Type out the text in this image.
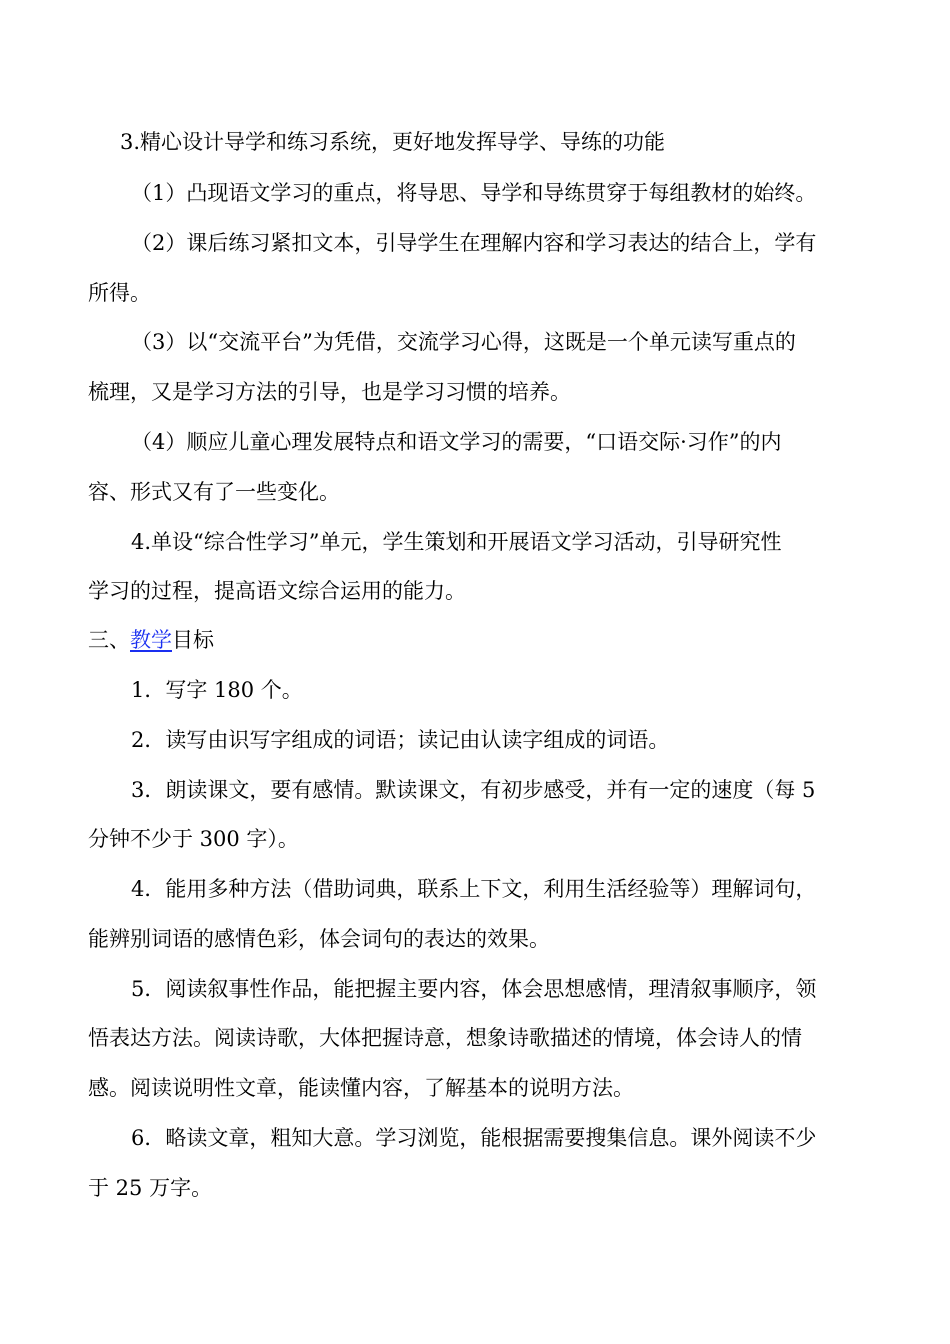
3.精心设计导学和练习系统，更好地发挥导学、导练的功能
（1）凸现语文学习的重点，将导思、导学和导练贯穿于每组教材的始终。
（2）课后练习紧扣文本，引导学生在理解内容和学习表达的结合上，学有
所得。
（3）以“交流平台”为凭借，交流学习心得，这既是一个单元读写重点的
梳理，又是学习方法的引导，也是学习习惯的培养。
（4）顺应儿童心理发展特点和语文学习的需要，“口语交际·习作”的内
容、形式又有了一些变化。
4.单设“综合性学习”单元，学生策划和开展语文学习活动，引导研究性
学习的过程，提高语文综合运用的能力。
三、教学目标
1．写字 180 个。
2．读写由识写字组成的词语；读记由认读字组成的词语。
3．朗读课文，要有感情。默读课文，有初步感受，并有一定的速度（每 5
分钟不少于 300 字）。
4．能用多种方法（借助词典，联系上下文，利用生活经验等）理解词句，
能辨别词语的感情色彩，体会词句的表达的效果。
5．阅读叙事性作品，能把握主要内容，体会思想感情，理清叙事顺序，领
悟表达方法。阅读诗歌，大体把握诗意，想象诗歌描述的情境，体会诗人的情
感。阅读说明性文章，能读懂内容，了解基本的说明方法。
6．略读文章，粗知大意。学习浏览，能根据需要搜集信息。课外阅读不少
于 25 万字。
